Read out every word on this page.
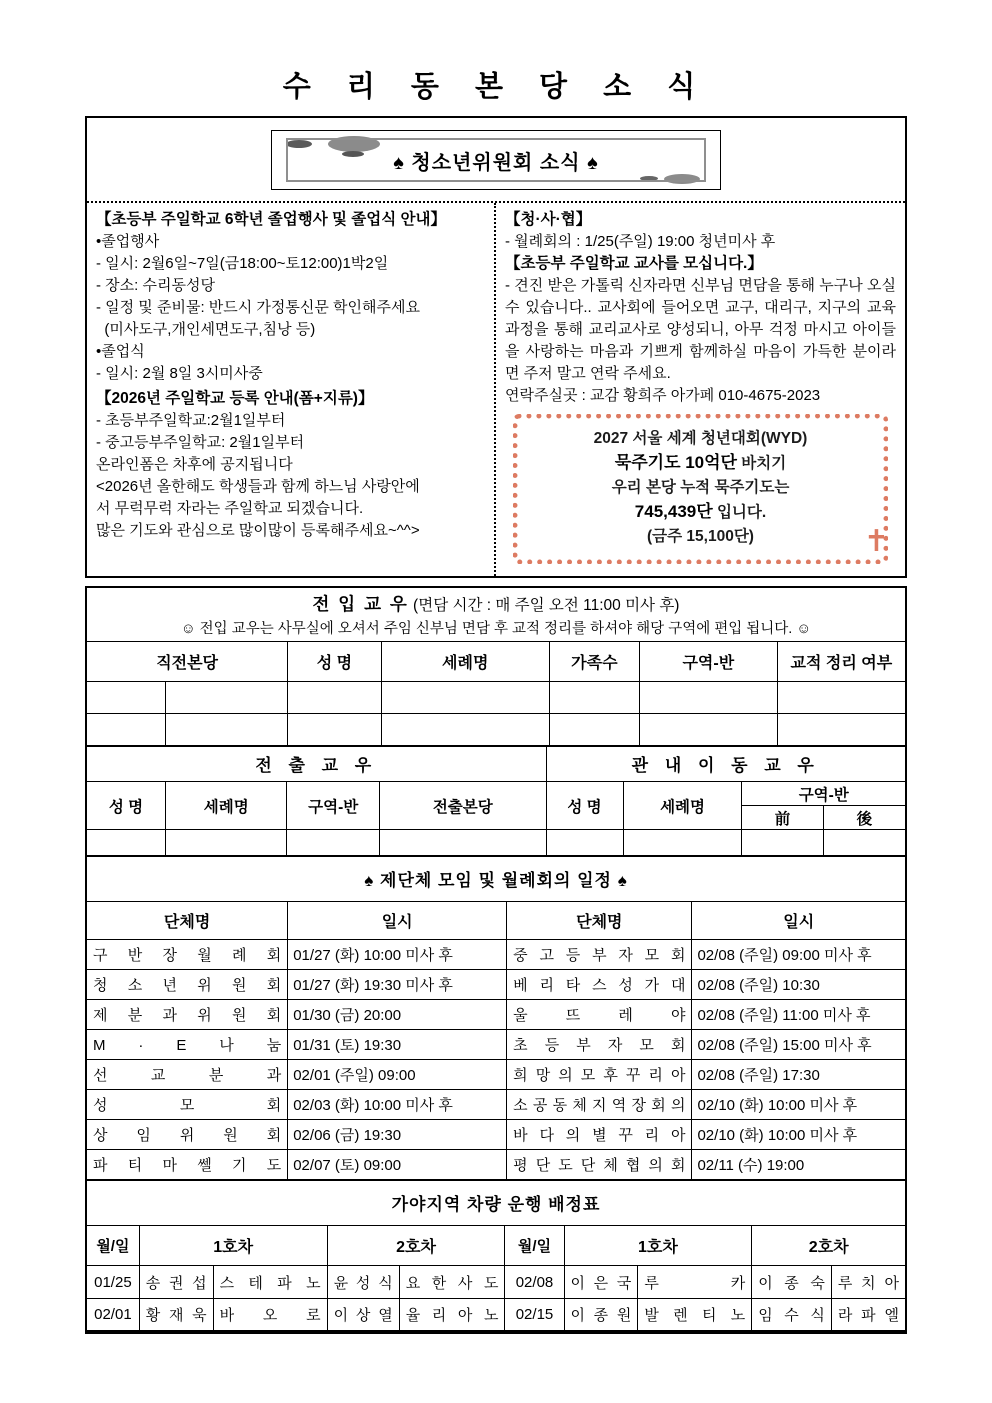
수 리 동 본 당 소 식
♠ 청소년위원회 소식 ♠
【초등부 주일학교 6학년 졸업행사 및 졸업식 안내】
•졸업행사
- 일시: 2월6일~7일(금18:00~토12:00)1박2일
- 장소: 수리동성당
- 일정 및 준비물: 반드시 가정통신문 학인해주세요
(미사도구,개인세면도구,침낭 등)
•졸업식
- 일시: 2월 8일 3시미사중
【2026년 주일학교 등록 안내(폼+지류)】
- 초등부주일학교:2월1일부터
- 중고등부주일학교: 2월1일부터
온라인폼은 차후에 공지됩니다
<2026년 올한해도 학생들과 함께 하느님 사랑안에
서 무럭무럭 자라는 주일학교 되겠습니다.
많은 기도와 관심으로 많이많이 등록해주세요~^^>
【청·사·협】
- 월례회의 : 1/25(주일) 19:00 청년미사 후
【초등부 주일학교 교사를 모십니다.】
- 견진 받은 가톨릭 신자라면 신부님 면담을 통해 누구나 오실수 있습니다.. 교사회에 들어오면 교구, 대리구, 지구의 교육과정을 통해 교리교사로 양성되니, 아무 걱정 마시고 아이들을 사랑하는 마음과 기쁘게 함께하실 마음이 가득한 분이라면 주저 말고 연락 주세요.
연락주실곳 : 교감 황희주 아가페 010-4675-2023
2027 서울 세계 청년대회(WYD)
묵주기도 10억단 바치기
우리 본당 누적 묵주기도는
745,439단 입니다.
(금주 15,100단)	✝
전 입 교 우 (면담 시간 : 매 주일 오전 11:00 미사 후)
☺ 전입 교우는 사무실에 오셔서 주임 신부님 면담 후 교적 정리를 하셔야 해당 구역에 편입 됩니다. ☺						

직전본당		성 명	세례명	가족수	구역-반	교적 정리 여부

전 출 교 우				관 내 이 동 교 우			
성 명	세례명	구역-반	전출본당	성 명	세례명	구역-반	
						前	後

♠ 제단체 모임 및 월례회의 일정 ♠			
단체명	일시	단체명	일시
구 반 장 월 례 회	01/27 (화) 10:00 미사 후	중 고 등 부 자 모 회	02/08 (주일) 09:00 미사 후
청 소 년 위 원 회	01/27 (화) 19:30 미사 후	베 리 타 스 성 가 대	02/08 (주일) 10:30
제 분 과 위 원 회	01/30 (금) 20:00	울 뜨 레 야	02/08 (주일) 11:00 미사 후
M · E 나 눔	01/31 (토) 19:30	초 등 부 자 모 회	02/08 (주일) 15:00 미사 후
선 교 분 과	02/01 (주일) 09:00	희 망 의 모 후 꾸 리 아	02/08 (주일) 17:30
성 모 회	02/03 (화) 10:00 미사 후	소 공 동 체 지 역 장 회 의	02/10 (화) 10:00 미사 후
상 임 위 원 회	02/06 (금) 19:30	바 다 의 별 꾸 리 아	02/10 (화) 10:00 미사 후
파 티 마 쎌 기 도	02/07 (토) 09:00	평 단 도 단 체 협 의 회	02/11 (수) 19:00
가야지역 차량 운행 배정표									
월/일	1호차		2호차		월/일	1호차		2호차	
01/25	송 권 섭	스 테 파 노	윤 성 식	요 한 사 도	02/08	이 은 국	루 카	이 종 숙	루 치 아
02/01	황 재 욱	바 오 로	이 상 열	율 리 아 노	02/15	이 종 원	발 렌 티 노	임 수 식	라 파 엘
